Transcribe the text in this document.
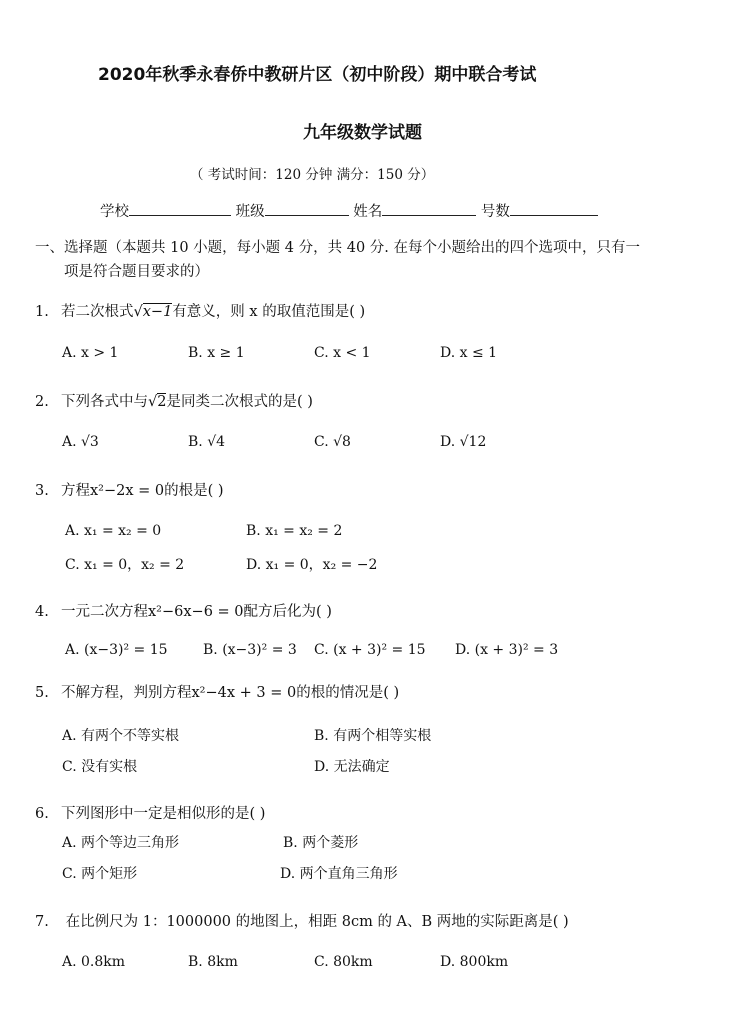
2020年秋季永春侨中教研片区（初中阶段）期中联合考试
九年级数学试题
（ 考试时间：120 分钟 满分：150 分）
学校	班级	姓名	号数
一、选择题（本题共 10 小题，每小题 4 分，共 40 分. 在每个小题给出的四个选项中，只有一
项是符合题目要求的）
1. 若二次根式√x−1有意义，则 x 的取值范围是( )
A. x > 1	B. x ≥ 1	C. x < 1	D. x ≤ 1
2. 下列各式中与√2是同类二次根式的是( )
A. √3	B. √4	C. √8	D. √12
3. 方程x²−2x = 0的根是( )
A. x₁ = x₂ = 0	B. x₁ = x₂ = 2
C. x₁ = 0，x₂ = 2	D. x₁ = 0，x₂ = −2
4. 一元二次方程x²−6x−6 = 0配方后化为( )
A. (x−3)² = 15	B. (x−3)² = 3 C. (x + 3)² = 15 D. (x + 3)² = 3
5. 不解方程，判别方程x²−4x + 3 = 0的根的情况是( )
A. 有两个不等实根	B. 有两个相等实根
C. 没有实根	D. 无法确定
6. 下列图形中一定是相似形的是( )
A. 两个等边三角形	B. 两个菱形
C. 两个矩形	D. 两个直角三角形
7. 在比例尺为 1：1000000 的地图上，相距 8cm 的 A、B 两地的实际距离是( )
A. 0.8km	B. 8km	C. 80km	D. 800km
